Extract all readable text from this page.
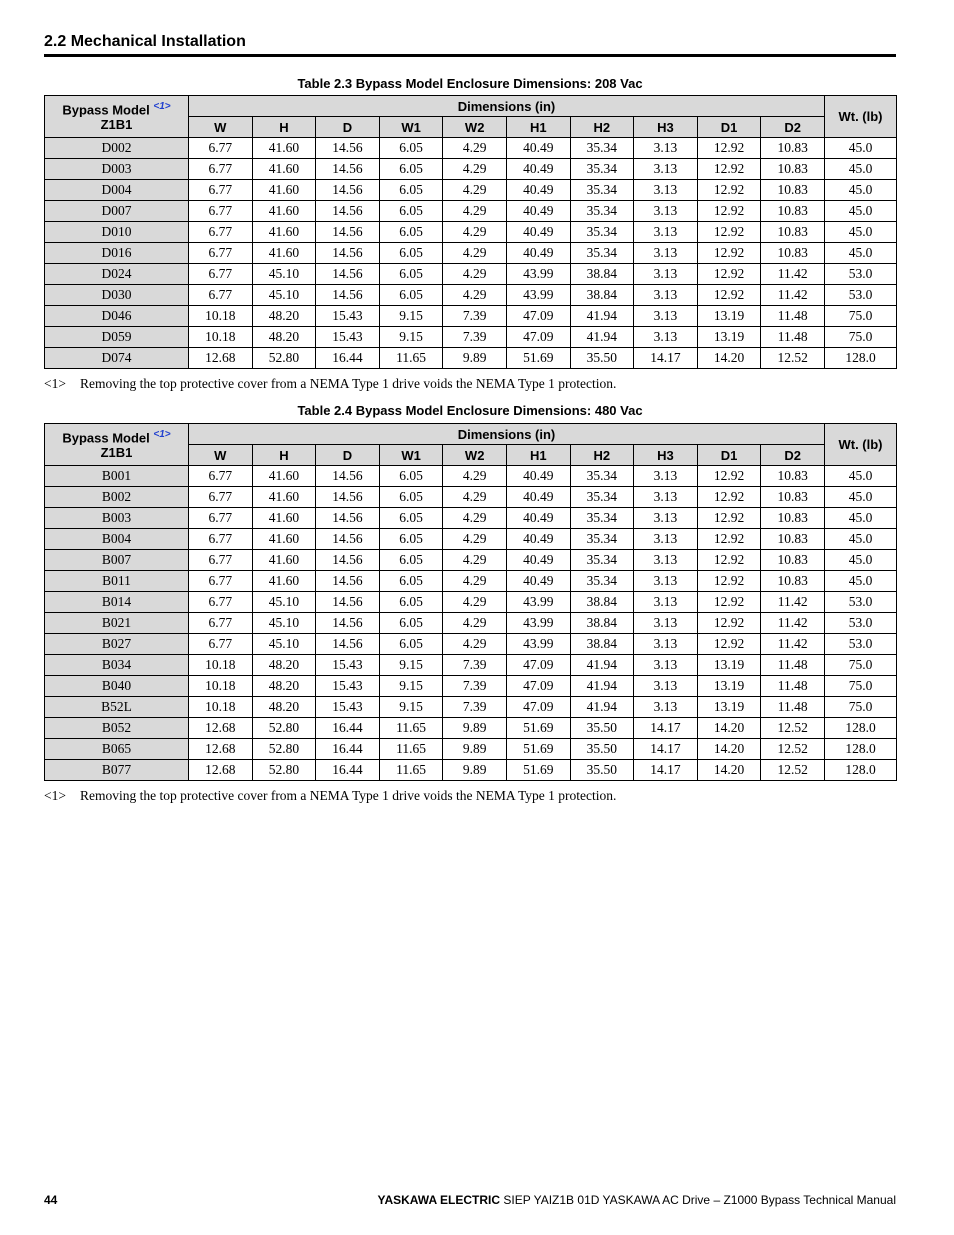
2.2 Mechanical Installation
Table 2.3 Bypass Model Enclosure Dimensions: 208 Vac
Bypass Model $^{<1>}$
Z1B1	Dimensions (in)										Wt. (lb)
	W	H	D	W1	W2	H1	H2	H3	D1	D2	
D002	6.77	41.60	14.56	6.05	4.29	40.49	35.34	3.13	12.92	10.83	45.0
D003	6.77	41.60	14.56	6.05	4.29	40.49	35.34	3.13	12.92	10.83	45.0
D004	6.77	41.60	14.56	6.05	4.29	40.49	35.34	3.13	12.92	10.83	45.0
D007	6.77	41.60	14.56	6.05	4.29	40.49	35.34	3.13	12.92	10.83	45.0
D010	6.77	41.60	14.56	6.05	4.29	40.49	35.34	3.13	12.92	10.83	45.0
D016	6.77	41.60	14.56	6.05	4.29	40.49	35.34	3.13	12.92	10.83	45.0
D024	6.77	45.10	14.56	6.05	4.29	43.99	38.84	3.13	12.92	11.42	53.0
D030	6.77	45.10	14.56	6.05	4.29	43.99	38.84	3.13	12.92	11.42	53.0
D046	10.18	48.20	15.43	9.15	7.39	47.09	41.94	3.13	13.19	11.48	75.0
D059	10.18	48.20	15.43	9.15	7.39	47.09	41.94	3.13	13.19	11.48	75.0
D074	12.68	52.80	16.44	11.65	9.89	51.69	35.50	14.17	14.20	12.52	128.0
<1> Removing the top protective cover from a NEMA Type 1 drive voids the NEMA Type 1 protection.
Table 2.4 Bypass Model Enclosure Dimensions: 480 Vac
Bypass Model $^{<1>}$
Z1B1	Dimensions (in)										Wt. (lb)
	W	H	D	W1	W2	H1	H2	H3	D1	D2	
B001	6.77	41.60	14.56	6.05	4.29	40.49	35.34	3.13	12.92	10.83	45.0
B002	6.77	41.60	14.56	6.05	4.29	40.49	35.34	3.13	12.92	10.83	45.0
B003	6.77	41.60	14.56	6.05	4.29	40.49	35.34	3.13	12.92	10.83	45.0
B004	6.77	41.60	14.56	6.05	4.29	40.49	35.34	3.13	12.92	10.83	45.0
B007	6.77	41.60	14.56	6.05	4.29	40.49	35.34	3.13	12.92	10.83	45.0
B011	6.77	41.60	14.56	6.05	4.29	40.49	35.34	3.13	12.92	10.83	45.0
B014	6.77	45.10	14.56	6.05	4.29	43.99	38.84	3.13	12.92	11.42	53.0
B021	6.77	45.10	14.56	6.05	4.29	43.99	38.84	3.13	12.92	11.42	53.0
B027	6.77	45.10	14.56	6.05	4.29	43.99	38.84	3.13	12.92	11.42	53.0
B034	10.18	48.20	15.43	9.15	7.39	47.09	41.94	3.13	13.19	11.48	75.0
B040	10.18	48.20	15.43	9.15	7.39	47.09	41.94	3.13	13.19	11.48	75.0
B52L	10.18	48.20	15.43	9.15	7.39	47.09	41.94	3.13	13.19	11.48	75.0
B052	12.68	52.80	16.44	11.65	9.89	51.69	35.50	14.17	14.20	12.52	128.0
B065	12.68	52.80	16.44	11.65	9.89	51.69	35.50	14.17	14.20	12.52	128.0
B077	12.68	52.80	16.44	11.65	9.89	51.69	35.50	14.17	14.20	12.52	128.0
<1> Removing the top protective cover from a NEMA Type 1 drive voids the NEMA Type 1 protection.
44	YASKAWA ELECTRIC SIEP YAIZ1B 01D YASKAWA AC Drive – Z1000 Bypass Technical Manual
